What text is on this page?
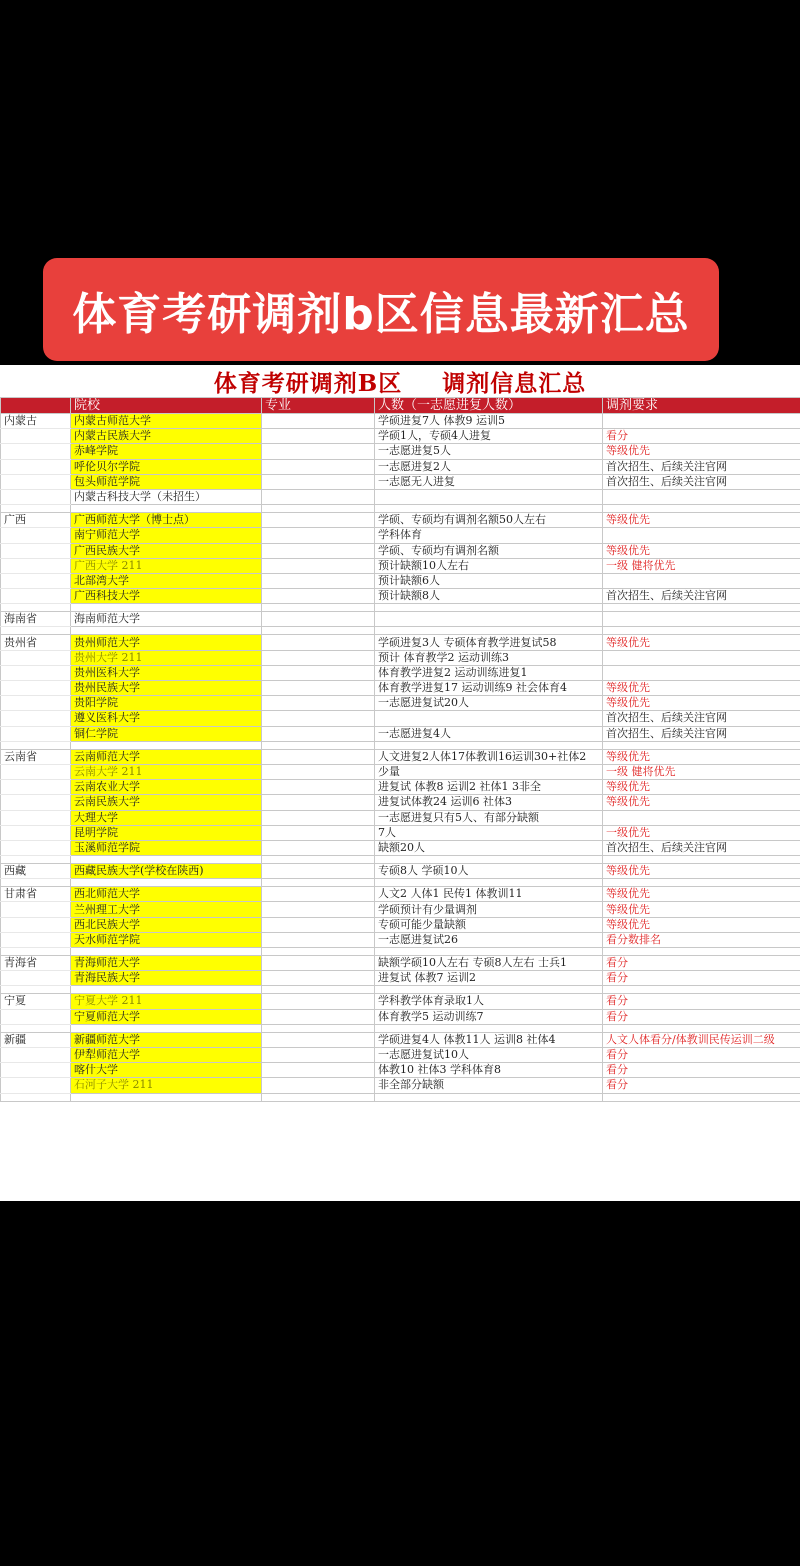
体育考研调剂b区信息最新汇总
体育考研调剂B区 调剂信息汇总
	院校	专业	人数（一志愿进复人数）	调剂要求
内蒙古	内蒙古师范大学		学硕进复7人 体教9 运训5	
	内蒙古民族大学		学硕1人，专硕4人进复	看分
	赤峰学院		一志愿进复5人	等级优先
	呼伦贝尔学院		一志愿进复2人	首次招生、后续关注官网
	包头师范学院		一志愿无人进复	首次招生、后续关注官网
	内蒙古科技大学（未招生）			

广西	广西师范大学（博士点）		学硕、专硕均有调剂名额50人左右	等级优先
	南宁师范大学		学科体育	
	广西民族大学		学硕、专硕均有调剂名额	等级优先
	广西大学 211		预计缺额10人左右	一级 健将优先
	北部湾大学		预计缺额6人	
	广西科技大学		预计缺额8人	首次招生、后续关注官网

海南省	海南师范大学			

贵州省	贵州师范大学		学硕进复3人 专硕体育教学进复试58	等级优先
	贵州大学 211		预计 体育教学2 运动训练3	
	贵州医科大学		体育教学进复2 运动训练进复1	
	贵州民族大学		体育教学进复17 运动训练9 社会体育4	等级优先
	贵阳学院		一志愿进复试20人	等级优先
	遵义医科大学			首次招生、后续关注官网
	铜仁学院		一志愿进复4人	首次招生、后续关注官网

云南省	云南师范大学		人文进复2人体17体教训16运训30+社体2	等级优先
	云南大学 211		少量	一级 健将优先
	云南农业大学		进复试 体教8 运训2 社体1 3非全	等级优先
	云南民族大学		进复试体教24 运训6 社体3	等级优先
	大理大学		一志愿进复只有5人、有部分缺额	
	昆明学院		7人	一级优先
	玉溪师范学院		缺额20人	首次招生、后续关注官网

西藏	西藏民族大学(学校在陕西)		专硕8人 学硕10人	等级优先

甘肃省	西北师范大学		人文2 人体1 民传1 体教训11	等级优先
	兰州理工大学		学硕预计有少量调剂	等级优先
	西北民族大学		专硕可能少量缺额	等级优先
	天水师范学院		一志愿进复试26	看分数排名

青海省	青海师范大学		缺额学硕10人左右 专硕8人左右 士兵1	看分
	青海民族大学		进复试 体教7 运训2	看分

宁夏	宁夏大学 211		学科教学体育录取1人	看分
	宁夏师范大学		体育教学5 运动训练7	看分

新疆	新疆师范大学		学硕进复4人 体教11人 运训8 社体4	人文人体看分/体教训民传运训二级
	伊犁师范大学		一志愿进复试10人	看分
	喀什大学		体教10 社体3 学科体育8	看分
	石河子大学 211		非全部分缺额	看分
